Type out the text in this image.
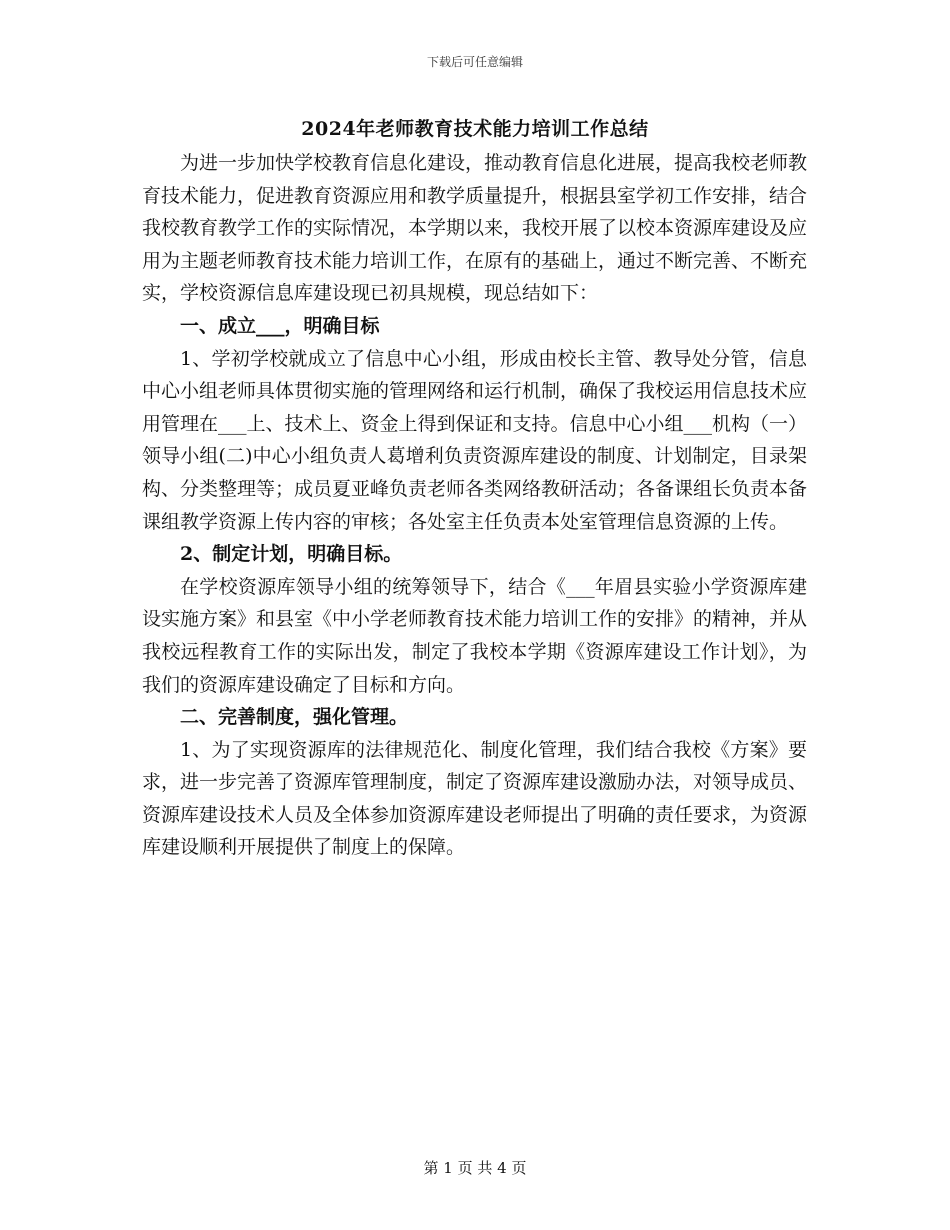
下载后可任意编辑
2024年老师教育技术能力培训工作总结

为进一步加快学校教育信息化建设，推动教育信息化进展，提高我校老师教育技术能力，促进教育资源应用和教学质量提升，根据县室学初工作安排，结合我校教育教学工作的实际情况，本学期以来，我校开展了以校本资源库建设及应用为主题老师教育技术能力培训工作，在原有的基础上，通过不断完善、不断充实，学校资源信息库建设现已初具规模，现总结如下：

一、成立___，明确目标

1、学初学校就成立了信息中心小组，形成由校长主管、教导处分管，信息中心小组老师具体贯彻实施的管理网络和运行机制，确保了我校运用信息技术应用管理在___上、技术上、资金上得到保证和支持。信息中心小组___机构（一）领导小组(二)中心小组负责人葛增利负责资源库建设的制度、计划制定，目录架构、分类整理等；成员夏亚峰负责老师各类网络教研活动；各备课组长负责本备课组教学资源上传内容的审核；各处室主任负责本处室管理信息资源的上传。

2、制定计划，明确目标。

在学校资源库领导小组的统筹领导下，结合《___年眉县实验小学资源库建设实施方案》和县室《中小学老师教育技术能力培训工作的安排》的精神，并从我校远程教育工作的实际出发，制定了我校本学期《资源库建设工作计划》，为我们的资源库建设确定了目标和方向。

二、完善制度，强化管理。

1、为了实现资源库的法律规范化、制度化管理，我们结合我校《方案》要求，进一步完善了资源库管理制度，制定了资源库建设激励办法，对领导成员、资源库建设技术人员及全体参加资源库建设老师提出了明确的责任要求，为资源库建设顺利开展提供了制度上的保障。

第 1 页 共 4 页
